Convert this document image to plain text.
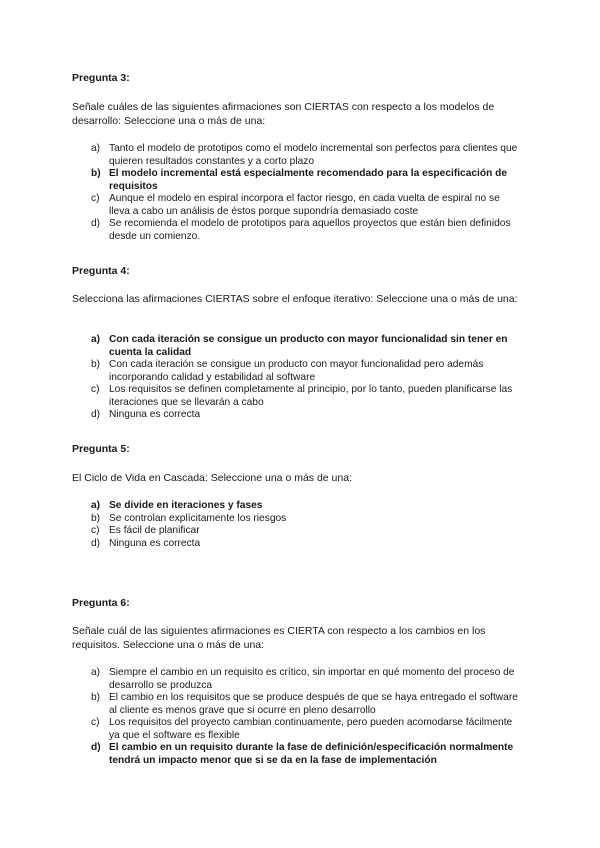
Pregunta 3:

Señale cuáles de las siguientes afirmaciones son CIERTAS con respecto a los modelos de desarrollo: Seleccione una o más de una:

a) Tanto el modelo de prototipos como el modelo incremental son perfectos para clientes que quieren resultados constantes y a corto plazo
b) El modelo incremental está especialmente recomendado para la especificación de requisitos
c) Aunque el modelo en espiral incorpora el factor riesgo, en cada vuelta de espiral no se lleva a cabo un análisis de éstos porque supondría demasiado coste
d) Se recomienda el modelo de prototipos para aquellos proyectos que están bien definidos desde un comienzo.

Pregunta 4:

Selecciona las afirmaciones CIERTAS sobre el enfoque iterativo: Seleccione una o más de una:

a) Con cada iteración se consigue un producto con mayor funcionalidad sin tener en cuenta la calidad
b) Con cada iteración se consigue un producto con mayor funcionalidad pero además incorporando calidad y estabilidad al software
c) Los requisitos se definen completamente al principio, por lo tanto, pueden planificarse las iteraciones que se llevarán a cabo
d) Ninguna es correcta

Pregunta 5:

El Ciclo de Vida en Cascada: Seleccione una o más de una:

a) Se divide en iteraciones y fases
b) Se controlan explícitamente los riesgos
c) Es fácil de planificar
d) Ninguna es correcta

Pregunta 6:

Señale cuál de las siguientes afirmaciones es CIERTA con respecto a los cambios en los requisitos. Seleccione una o más de una:

a) Siempre el cambio en un requisito es crítico, sin importar en qué momento del proceso de desarrollo se produzca
b) El cambio en los requisitos que se produce después de que se haya entregado el software al cliente es menos grave que si ocurre en pleno desarrollo
c) Los requisitos del proyecto cambian continuamente, pero pueden acomodarse fácilmente ya que el software es flexible
d) El cambio en un requisito durante la fase de definición/especificación normalmente tendrá un impacto menor que si se da en la fase de implementación
